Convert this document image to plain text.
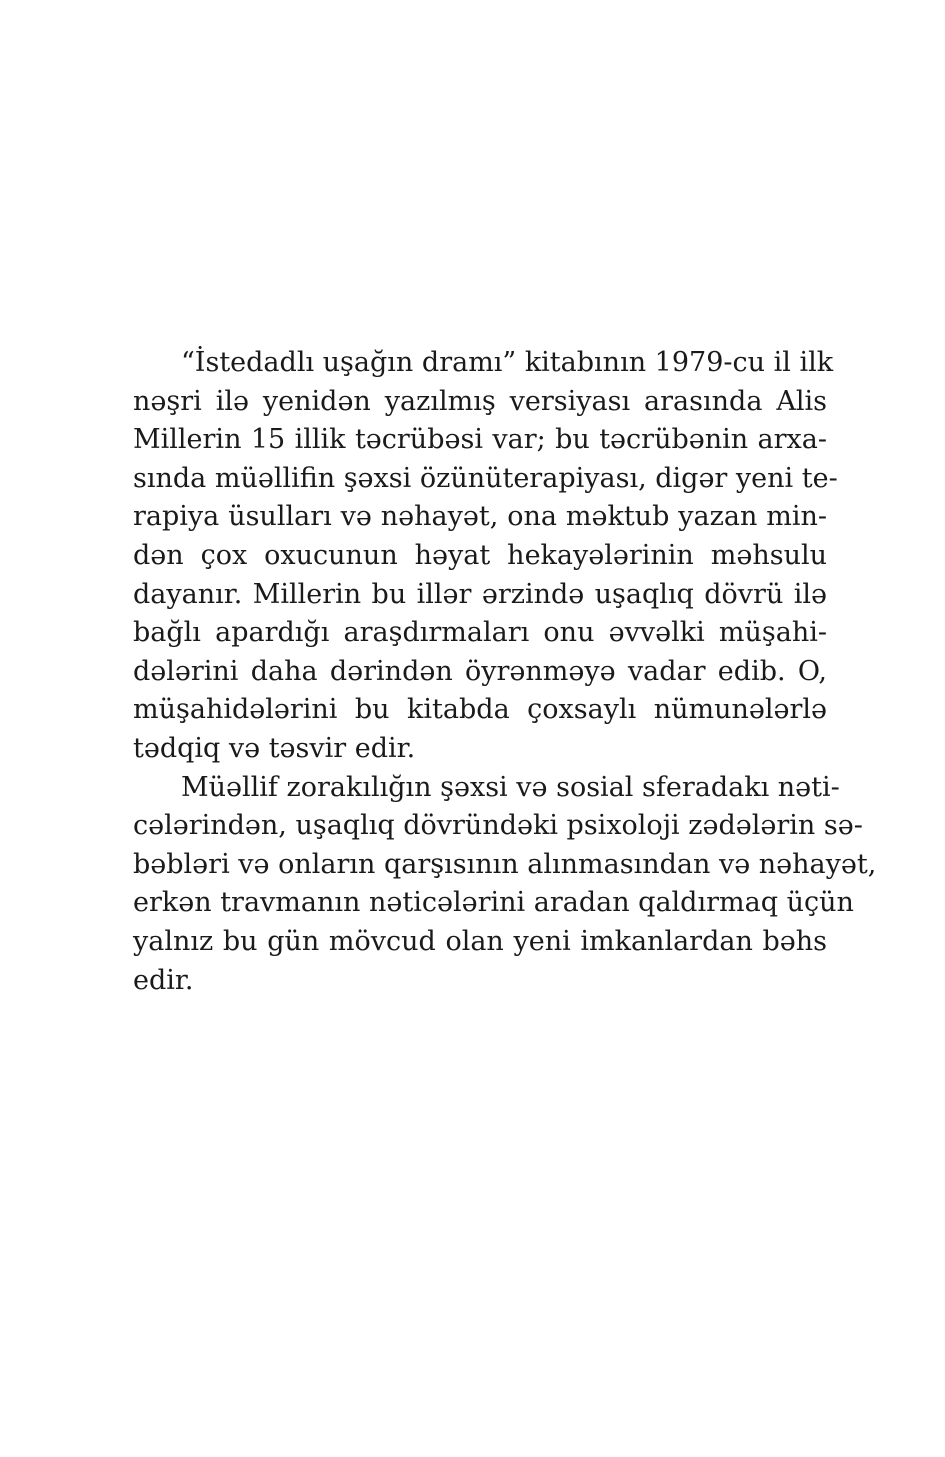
“İstedadlı uşağın dramı” kitabının 1979-cu il ilk
nəşri ilə yenidən yazılmış versiyası arasında Alis
Millerin 15 illik təcrübəsi var; bu təcrübənin arxa-
sında müəllifin şəxsi özünüterapiyası, digər yeni te-
rapiya üsulları və nəhayət, ona məktub yazan min-
dən çox oxucunun həyat hekayələrinin məhsulu
dayanır. Millerin bu illər ərzində uşaqlıq dövrü ilə
bağlı apardığı araşdırmaları onu əvvəlki müşahi-
dələrini daha dərindən öyrənməyə vadar edib. O,
müşahidələrini bu kitabda çoxsaylı nümunələrlə
tədqiq və təsvir edir.
Müəllif zorakılığın şəxsi və sosial sferadakı nəti-
cələrindən, uşaqlıq dövründəki psixoloji zədələrin sə-
bəbləri və onların qarşısının alınmasından və nəhayət,
erkən travmanın nəticələrini aradan qaldırmaq üçün
yalnız bu gün mövcud olan yeni imkanlardan bəhs
edir.
